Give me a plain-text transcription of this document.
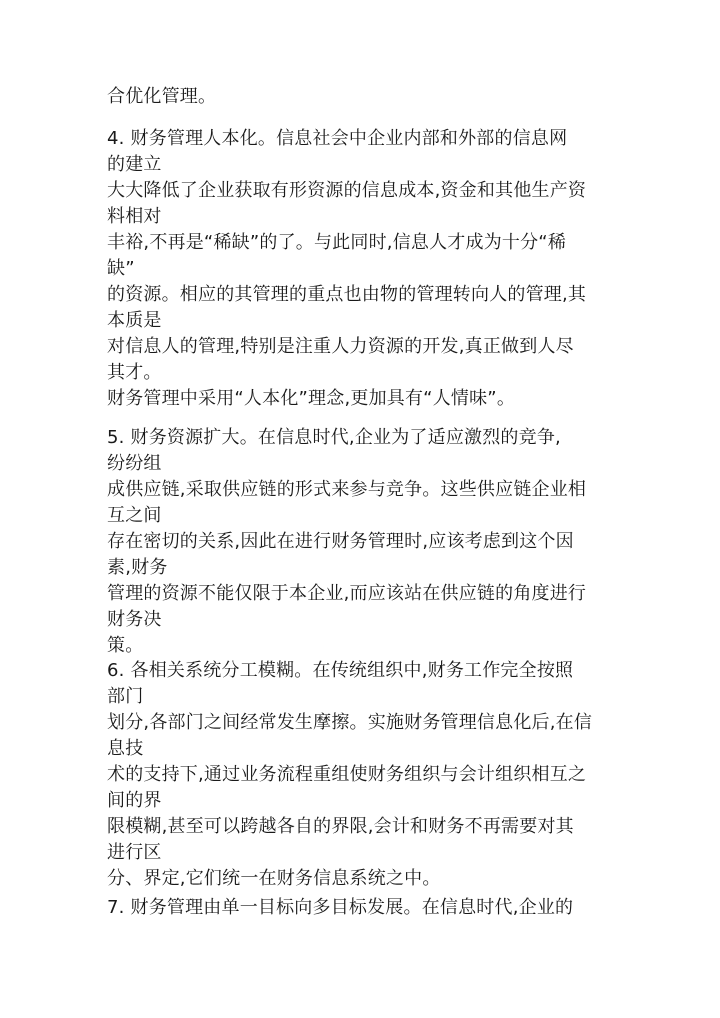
合优化管理。
4. 财务管理人本化。信息社会中企业内部和外部的信息网
的建立
大大降低了企业获取有形资源的信息成本,资金和其他生产资
料相对
丰裕,不再是“稀缺”的了。与此同时,信息人才成为十分“稀
缺”
的资源。相应的其管理的重点也由物的管理转向人的管理,其
本质是
对信息人的管理,特别是注重人力资源的开发,真正做到人尽
其才。
财务管理中采用“人本化”理念,更加具有“人情味”。
5. 财务资源扩大。在信息时代,企业为了适应激烈的竞争,
纷纷组
成供应链,采取供应链的形式来参与竞争。这些供应链企业相
互之间
存在密切的关系,因此在进行财务管理时,应该考虑到这个因
素,财务
管理的资源不能仅限于本企业,而应该站在供应链的角度进行
财务决
策。
6. 各相关系统分工模糊。在传统组织中,财务工作完全按照
部门
划分,各部门之间经常发生摩擦。实施财务管理信息化后,在信
息技
术的支持下,通过业务流程重组使财务组织与会计组织相互之
间的界
限模糊,甚至可以跨越各自的界限,会计和财务不再需要对其
进行区
分、界定,它们统一在财务信息系统之中。
7. 财务管理由单一目标向多目标发展。在信息时代,企业的
